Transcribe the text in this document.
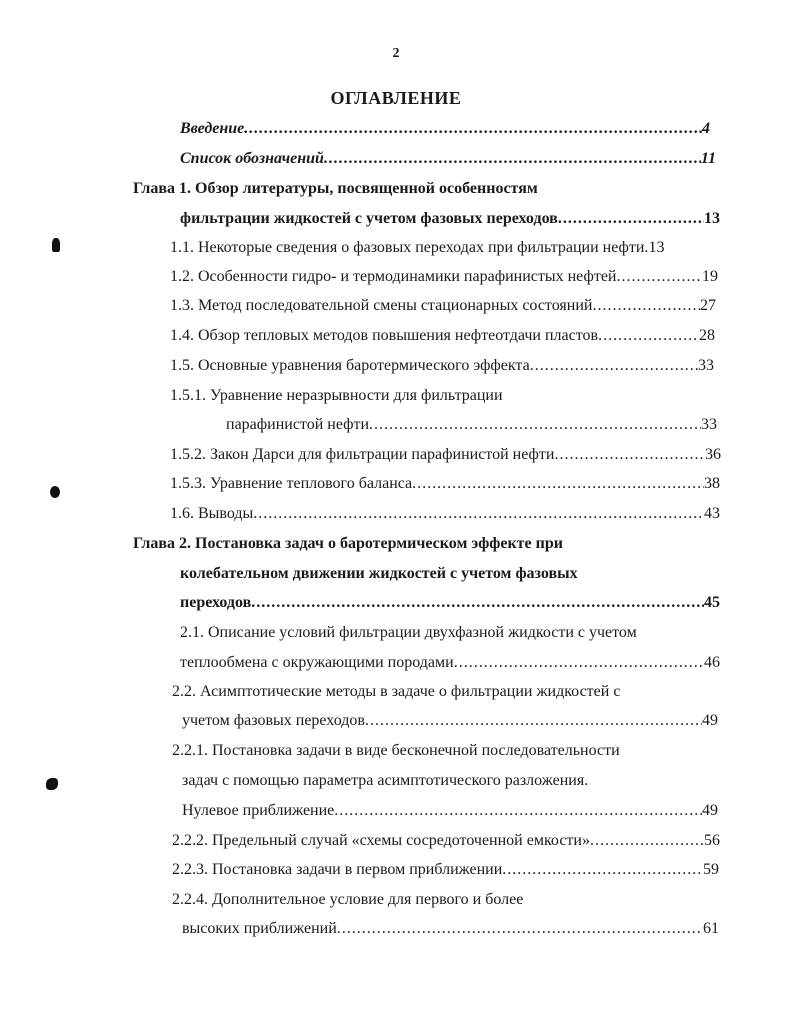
2
ОГЛАВЛЕНИЕ
Введение .....	4
Список обозначений .....	11
Глава 1. Обзор литературы, посвященной особенностям
фильтрации жидкостей с учетом фазовых переходов .....	13
1.1. Некоторые сведения о фазовых переходах при фильтрации нефти. 13
1.2. Особенности гидро- и термодинамики парафинистых нефтей .....	19
1.3. Метод последовательной смены стационарных состояний .....	27
1.4. Обзор тепловых методов повышения нефтеотдачи пластов .....	28
1.5. Основные уравнения баротермического эффекта .....	33
1.5.1. Уравнение неразрывности для фильтрации
парафинистой нефти .....	33
1.5.2. Закон Дарси для фильтрации парафинистой нефти .....	36
1.5.3. Уравнение теплового баланса .....	38
1.6. Выводы .....	43
Глава 2. Постановка задач о баротермическом эффекте при
колебательном движении жидкостей с учетом фазовых
переходов .....	45
2.1. Описание условий фильтрации двухфазной жидкости с учетом
теплообмена с окружающими породами .....	46
2.2. Асимптотические методы в задаче о фильтрации жидкостей с
учетом фазовых переходов .....	49
2.2.1. Постановка задачи в виде бесконечной последовательности
задач с помощью параметра асимптотического разложения.
Нулевое приближение .....	49
2.2.2. Предельный случай «схемы сосредоточенной емкости» .....	56
2.2.3. Постановка задачи в первом приближении .....	59
2.2.4. Дополнительное условие для первого и более
высоких приближений .....	61
